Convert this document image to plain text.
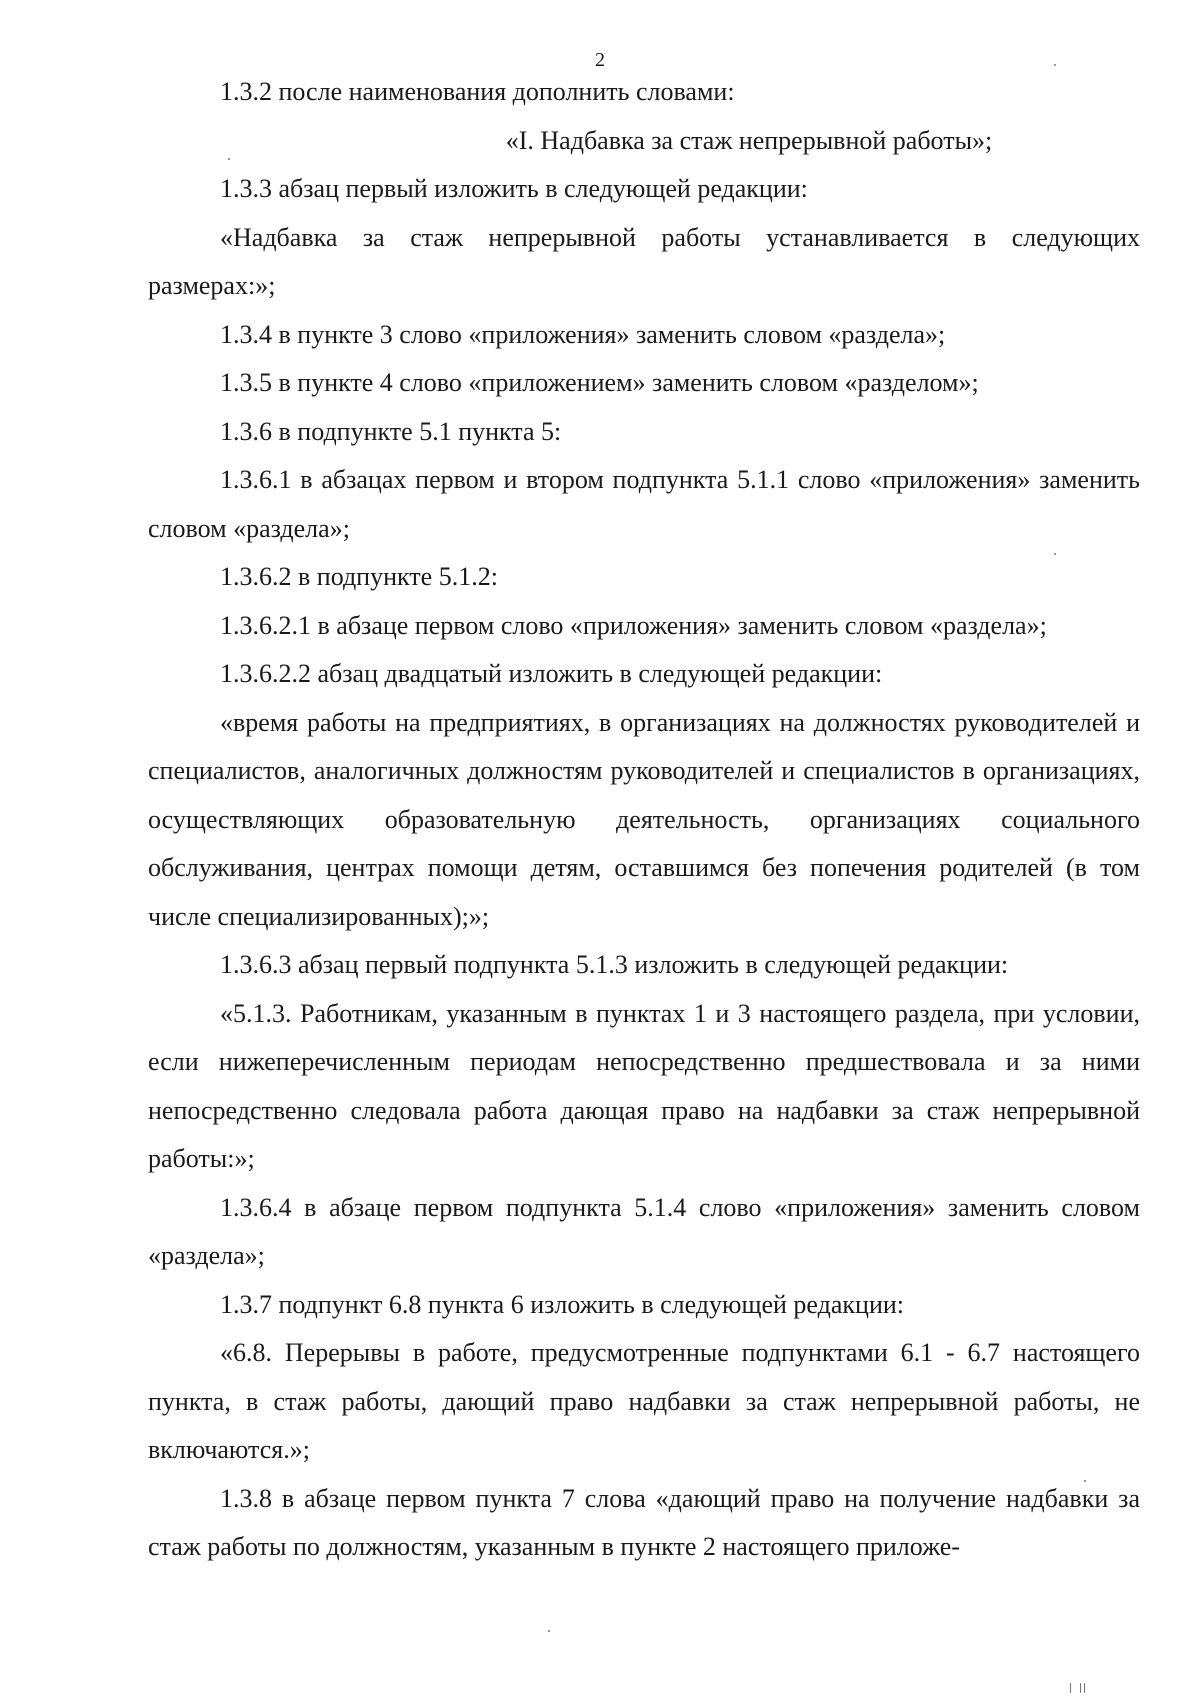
2

1.3.2 после наименования дополнить словами:

«I. Надбавка за стаж непрерывной работы»;

1.3.3 абзац первый изложить в следующей редакции:

«Надбавка за стаж непрерывной работы устанавливается в следующих размерах:»;

1.3.4 в пункте 3 слово «приложения» заменить словом «раздела»;

1.3.5 в пункте 4 слово «приложением» заменить словом «разделом»;

1.3.6 в подпункте 5.1 пункта 5:

1.3.6.1 в абзацах первом и втором подпункта 5.1.1 слово «приложения» заменить словом «раздела»;

1.3.6.2 в подпункте 5.1.2:

1.3.6.2.1 в абзаце первом слово «приложения» заменить словом «раздела»;

1.3.6.2.2 абзац двадцатый изложить в следующей редакции:

«время работы на предприятиях, в организациях на должностях руководителей и специалистов, аналогичных должностям руководителей и специалистов в организациях, осуществляющих образовательную деятельность, организациях социального обслуживания, центрах помощи детям, оставшимся без попечения родителей (в том числе специализированных);»;

1.3.6.3 абзац первый подпункта 5.1.3 изложить в следующей редакции:

«5.1.3. Работникам, указанным в пунктах 1 и 3 настоящего раздела, при условии, если нижеперечисленным периодам непосредственно предшествовала и за ними непосредственно следовала работа дающая право на надбавки за стаж непрерывной работы:»;

1.3.6.4 в абзаце первом подпункта 5.1.4 слово «приложения» заменить словом «раздела»;

1.3.7 подпункт 6.8 пункта 6 изложить в следующей редакции:

«6.8. Перерывы в работе, предусмотренные подпунктами 6.1 - 6.7 настоящего пункта, в стаж работы, дающий право надбавки за стаж непрерывной работы, не включаются.»;

1.3.8 в абзаце первом пункта 7 слова «дающий право на получение надбавки за стаж работы по должностям, указанным в пункте 2 настоящего приложе-
